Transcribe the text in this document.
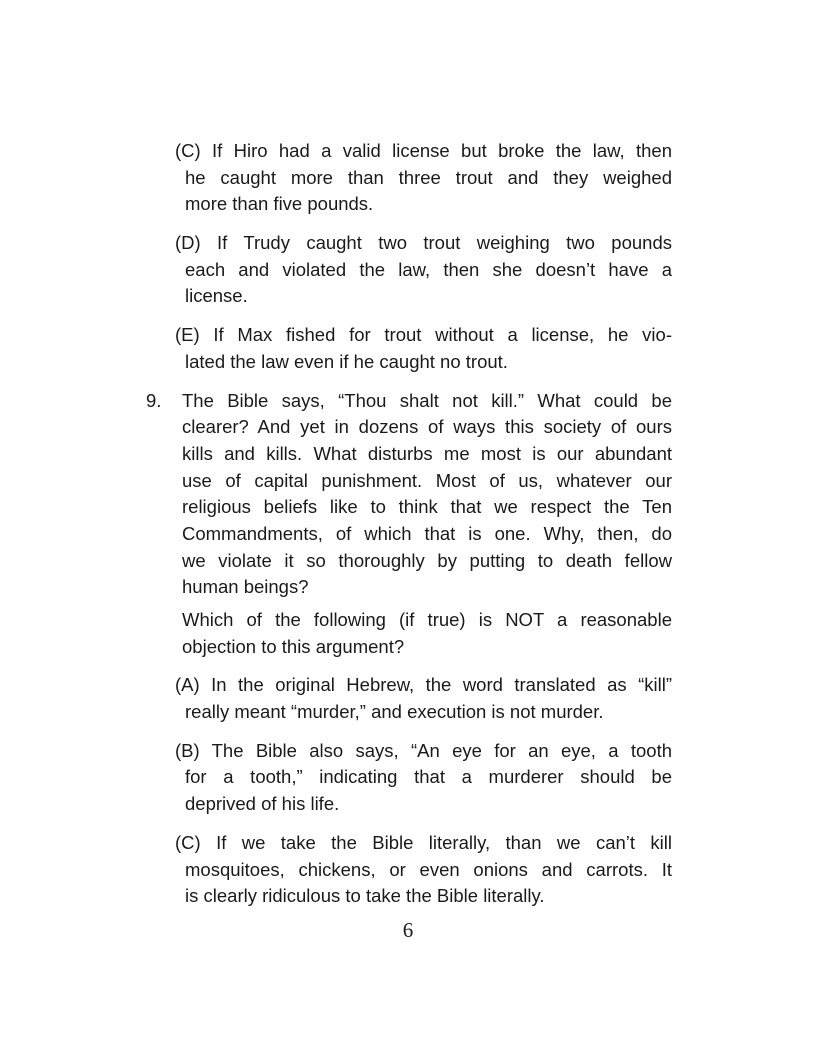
(C) If Hiro had a valid license but broke the law, then
he caught more than three trout and they weighed
more than five pounds.
(D) If Trudy caught two trout weighing two pounds
each and violated the law, then she doesn’t have a
license.
(E) If Max fished for trout without a license, he vio-
lated the law even if he caught no trout.
9.	The Bible says, “Thou shalt not kill.” What could be
clearer? And yet in dozens of ways this society of ours
kills and kills. What disturbs me most is our abundant
use of capital punishment. Most of us, whatever our
religious beliefs like to think that we respect the Ten
Commandments, of which that is one. Why, then, do
we violate it so thoroughly by putting to death fellow
human beings?
Which of the following (if true) is NOT a reasonable
objection to this argument?
(A) In the original Hebrew, the word translated as “kill”
really meant “murder,” and execution is not murder.
(B) The Bible also says, “An eye for an eye, a tooth
for a tooth,” indicating that a murderer should be
deprived of his life.
(C) If we take the Bible literally, than we can’t kill
mosquitoes, chickens, or even onions and carrots. It
is clearly ridiculous to take the Bible literally.
6
